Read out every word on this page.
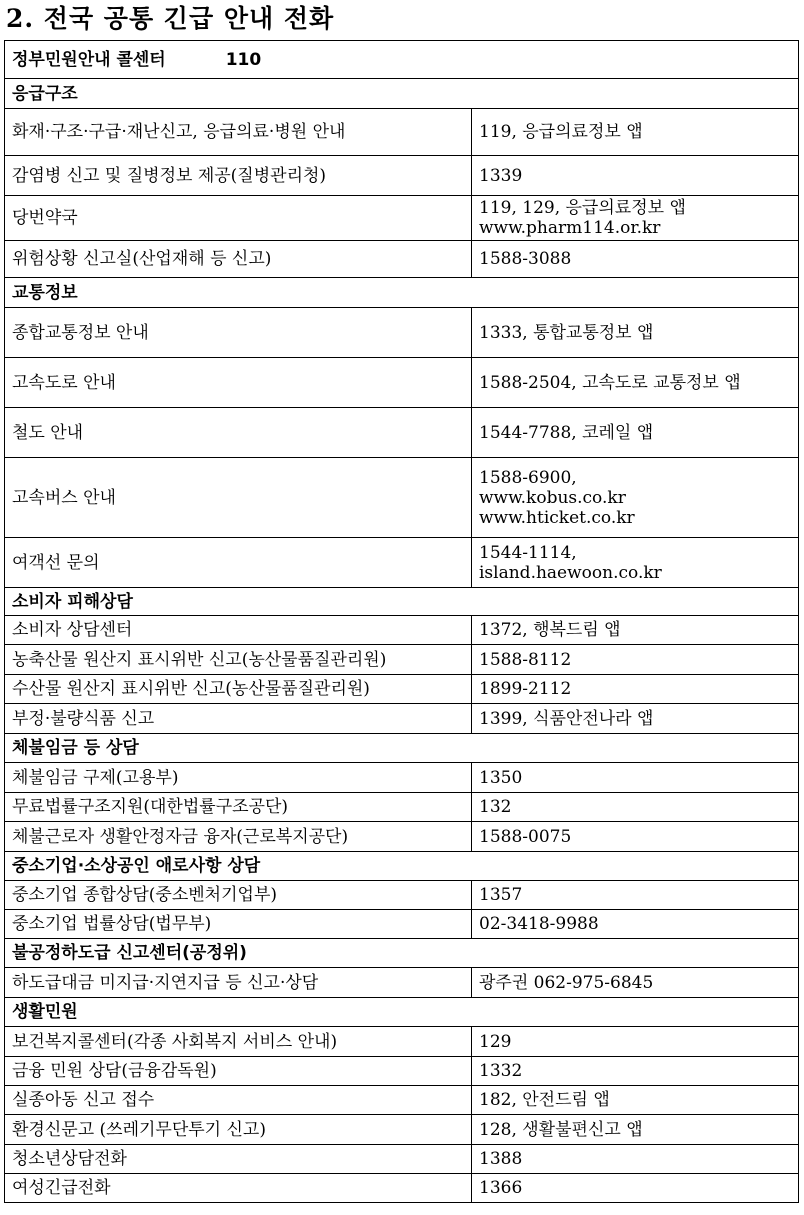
2. 전국 공통 긴급 안내 전화
정부민원안내 콜센터 110	
응급구조	
화재·구조·구급·재난신고, 응급의료·병원 안내	119, 응급의료정보 앱

감염병 신고 및 질병정보 제공(질병관리청)	1339

당번약국	119, 129, 응급의료정보 앱
www.pharm114.or.kr

위험상황 신고실(산업재해 등 신고)	1588-3088

교통정보	
종합교통정보 안내	1333, 통합교통정보 앱

고속도로 안내	1588-2504, 고속도로 교통정보 앱

철도 안내	1544-7788, 코레일 앱

고속버스 안내	1588-6900,
www.kobus.co.kr
www.hticket.co.kr

여객선 문의	1544-1114,
island.haewoon.co.kr

소비자 피해상담	
소비자 상담센터	1372, 행복드림 앱

농축산물 원산지 표시위반 신고(농산물품질관리원)	1588-8112

수산물 원산지 표시위반 신고(농산물품질관리원)	1899-2112

부정·불량식품 신고	1399, 식품안전나라 앱

체불임금 등 상담	
체불임금 구제(고용부)	1350

무료법률구조지원(대한법률구조공단)	132

체불근로자 생활안정자금 융자(근로복지공단)	1588-0075

중소기업·소상공인 애로사항 상담	
중소기업 종합상담(중소벤처기업부)	1357

중소기업 법률상담(법무부)	02-3418-9988

불공정하도급 신고센터(공정위)	
하도급대금 미지급·지연지급 등 신고·상담	광주권 062-975-6845

생활민원	
보건복지콜센터(각종 사회복지 서비스 안내)	129

금융 민원 상담(금융감독원)	1332

실종아동 신고 접수	182, 안전드림 앱

환경신문고 (쓰레기무단투기 신고)	128, 생활불편신고 앱

청소년상담전화	1388

여성긴급전화	1366
